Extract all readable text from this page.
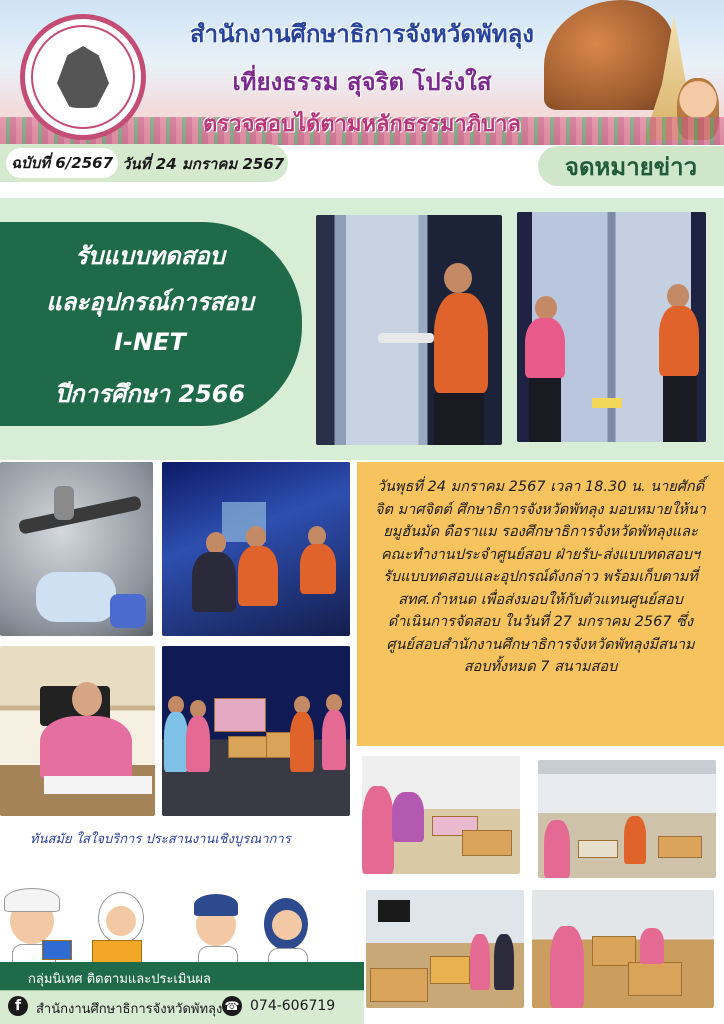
สำนักงานศึกษาธิการจังหวัดพัทลุง
เที่ยงธรรม สุจริต โปร่งใส
ตรวจสอบได้ตามหลักธรรมาภิบาล
ฉบับที่ 6/2567 วันที่ 24 มกราคม 2567	จดหมายข่าว
รับแบบทดสอบ
และอุปกรณ์การสอบ
I-NET
ปีการศึกษา 2566

วันพุธที่ 24 มกราคม 2567 เวลา 18.30 น. นายศักดิ์จิต มาศจิตต์ ศึกษาธิการจังหวัดพัทลุง มอบหมายให้นายมูฮันมัด ดือราแม รองศึกษาธิการจังหวัดพัทลุงและคณะทำงานประจำศูนย์สอบ ฝ่ายรับ-ส่งแบบทดสอบฯ รับแบบทดสอบและอุปกรณ์ดังกล่าว พร้อมเก็บตามที่ สทศ.กำหนด เพื่อส่งมอบให้กับตัวแทนศูนย์สอบ ดำเนินการจัดสอบ ในวันที่ 27 มกราคม 2567 ซึ่งศูนย์สอบสำนักงานศึกษาธิการจังหวัดพัทลุงมีสนามสอบทั้งหมด 7 สนามสอบ

ทันสมัย ใสใจบริการ ประสานงานเชิงบูรณาการ
กลุ่มนิเทศ ติดตามและประเมินผล
f	สำนักงานศึกษาธิการจังหวัดพัทลุง ☎ 074-606719
